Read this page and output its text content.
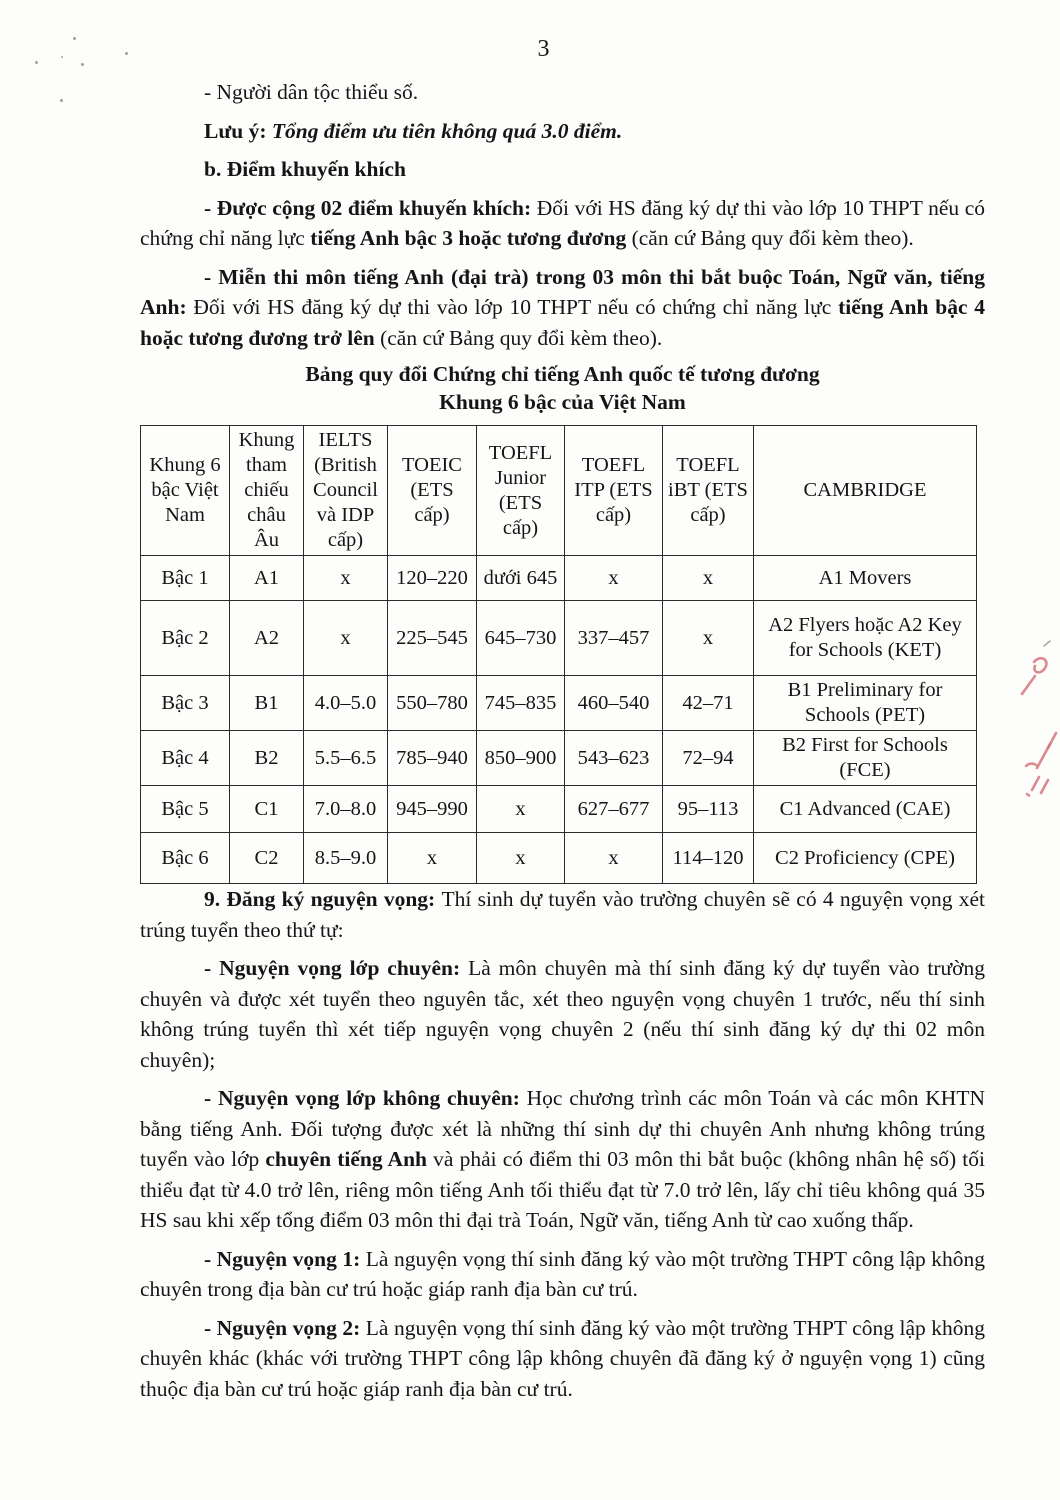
3

- Người dân tộc thiểu số.

Lưu ý: Tổng điểm ưu tiên không quá 3.0 điểm.

b. Điểm khuyến khích

- Được cộng 02 điểm khuyến khích: Đối với HS đăng ký dự thi vào lớp 10 THPT nếu có chứng chỉ năng lực tiếng Anh bậc 3 hoặc tương đương (căn cứ Bảng quy đổi kèm theo).

- Miễn thi môn tiếng Anh (đại trà) trong 03 môn thi bắt buộc Toán, Ngữ văn, tiếng Anh: Đối với HS đăng ký dự thi vào lớp 10 THPT nếu có chứng chỉ năng lực tiếng Anh bậc 4 hoặc tương đương trở lên (căn cứ Bảng quy đổi kèm theo).

Bảng quy đổi Chứng chỉ tiếng Anh quốc tế tương đương
Khung 6 bậc của Việt Nam
Khung 6 bậc Việt Nam	Khung tham chiếu châu Âu	IELTS (British Council và IDP cấp)	TOEIC (ETS cấp)	TOEFL Junior (ETS cấp)	TOEFL ITP (ETS cấp)	TOEFL iBT (ETS cấp)	CAMBRIDGE
Bậc 1	A1	x	120–220	dưới 645	x	x	A1 Movers
Bậc 2	A2	x	225–545	645–730	337–457	x	A2 Flyers hoặc A2 Key for Schools (KET)
Bậc 3	B1	4.0–5.0	550–780	745–835	460–540	42–71	B1 Preliminary for Schools (PET)
Bậc 4	B2	5.5–6.5	785–940	850–900	543–623	72–94	B2 First for Schools (FCE)
Bậc 5	C1	7.0–8.0	945–990	x	627–677	95–113	C1 Advanced (CAE)
Bậc 6	C2	8.5–9.0	x	x	x	114–120	C2 Proficiency (CPE)

9. Đăng ký nguyện vọng: Thí sinh dự tuyển vào trường chuyên sẽ có 4 nguyện vọng xét trúng tuyển theo thứ tự:

- Nguyện vọng lớp chuyên: Là môn chuyên mà thí sinh đăng ký dự tuyển vào trường chuyên và được xét tuyển theo nguyên tắc, xét theo nguyện vọng chuyên 1 trước, nếu thí sinh không trúng tuyển thì xét tiếp nguyện vọng chuyên 2 (nếu thí sinh đăng ký dự thi 02 môn chuyên);

- Nguyện vọng lớp không chuyên: Học chương trình các môn Toán và các môn KHTN bằng tiếng Anh. Đối tượng được xét là những thí sinh dự thi chuyên Anh nhưng không trúng tuyển vào lớp chuyên tiếng Anh và phải có điểm thi 03 môn thi bắt buộc (không nhân hệ số) tối thiểu đạt từ 4.0 trở lên, riêng môn tiếng Anh tối thiểu đạt từ 7.0 trở lên, lấy chỉ tiêu không quá 35 HS sau khi xếp tổng điểm 03 môn thi đại trà Toán, Ngữ văn, tiếng Anh từ cao xuống thấp.

- Nguyện vọng 1: Là nguyện vọng thí sinh đăng ký vào một trường THPT công lập không chuyên trong địa bàn cư trú hoặc giáp ranh địa bàn cư trú.

- Nguyện vọng 2: Là nguyện vọng thí sinh đăng ký vào một trường THPT công lập không chuyên khác (khác với trường THPT công lập không chuyên đã đăng ký ở nguyện vọng 1) cũng thuộc địa bàn cư trú hoặc giáp ranh địa bàn cư trú.
